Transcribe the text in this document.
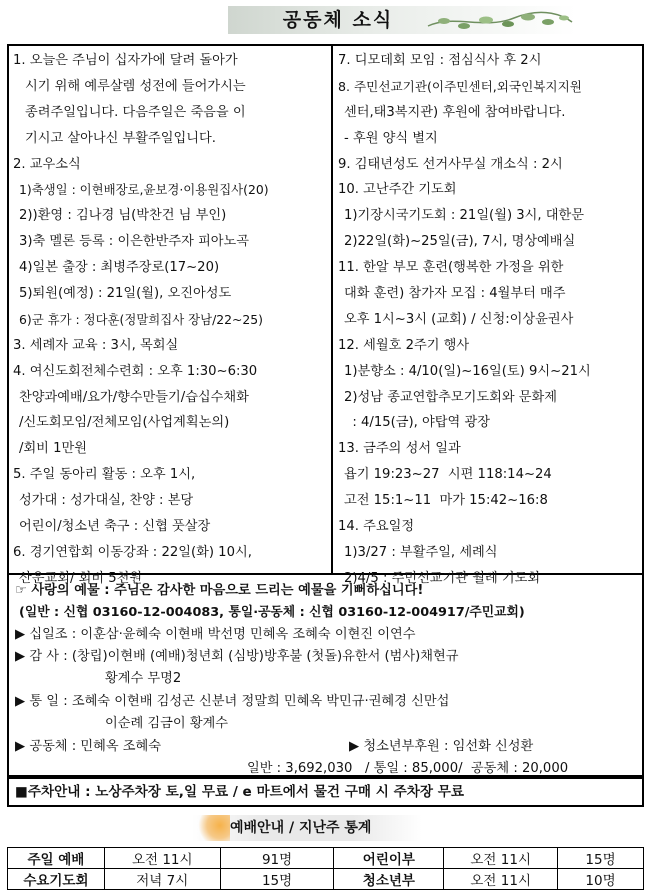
공동체 소식
1. 오늘은 주님이 십자가에 달려 돌아가
시기 위해 예루살렘 성전에 들어가시는
종려주일입니다. 다음주일은 죽음을 이
기시고 살아나신 부활주일입니다.
2. 교우소식
1)축생일 : 이현배장로,윤보경·이용원집사(20)
2))환영 : 김나경 님(박찬건 님 부인)
3)축 멜론 등록 : 이은한반주자 피아노곡
4)일본 출장 : 최병주장로(17~20)
5)퇴원(예정) : 21일(월), 오진아성도
6)군 휴가 : 정다훈(정말희집사 장남/22~25)
3. 세례자 교육 : 3시, 목회실
4. 여신도회전체수련회 : 오후 1:30~6:30
찬양과예배/요가/향수만들기/습십수채화
/신도회모임/전체모임(사업계획논의)
/회비 1만원
5. 주일 동아리 활동 : 오후 1시,
성가대 : 성가대실, 찬양 : 본당
어린이/청소년 축구 : 신협 풋살장
6. 경기연합회 이동강좌 : 22일(화) 10시,
산운교회/ 회비 5천원
7. 디모데회 모임 : 점심식사 후 2시
8. 주민선교기관(이주민센터,외국인복지지원
센터,태3복지관) 후원에 참여바랍니다.
- 후원 양식 별지
9. 김태년성도 선거사무실 개소식 : 2시
10. 고난주간 기도회
1)기장시국기도회 : 21일(월) 3시, 대한문
2)22일(화)~25일(금), 7시, 명상예배실
11. 한알 부모 훈련(행복한 가정을 위한
대화 훈련) 참가자 모집 : 4월부터 매주
오후 1시~3시 (교회) / 신청:이상윤권사
12. 세월호 2주기 행사
1)분향소 : 4/10(일)~16일(토) 9시~21시
2)성남 종교연합추모기도회와 문화제
: 4/15(금), 야탑역 광장
13. 금주의 성서 일과
욥기 19:23~27  시편 118:14~24
고전 15:1~11  마가 15:42~16:8
14. 주요일정
1)3/27 : 부활주일, 세례식
2)4/5 : 주민선교기관 월례 기도회
☞ 사랑의 예물 : 주님은 감사한 마음으로 드리는 예물을 기뻐하십니다!
(일반 : 신협 03160-12-004083, 통일·공동체 : 신협 03160-12-004917/주민교회)
▶ 십일조 : 이훈삼·윤혜숙 이현배 박선명 민혜옥 조혜숙 이현진 이연수
▶ 감 사 : (창립)이현배 (예배)청년회 (심방)방후불 (첫돌)유한서 (범사)채현규
황계수 무명2
▶ 통 일 : 조혜숙 이현배 김성곤 신분녀 정말희 민혜옥 박민규·권혜경 신만섭
이순례 김금이 황계수
▶ 공동체 : 민혜옥 조혜숙	▶ 청소년부후원 : 임선화 신성환
일반 : 3,692,030   / 통일 : 85,000/  공동체 : 20,000
■주차안내 : 노상주차장 토,일 무료 / e 마트에서 물건 구매 시 주차장 무료
예배안내 / 지난주 통계
주일 예배	오전 11시	91명	어린이부	오전 11시	15명
수요기도회	저녁 7시	15명	청소년부	오전 11시	10명
